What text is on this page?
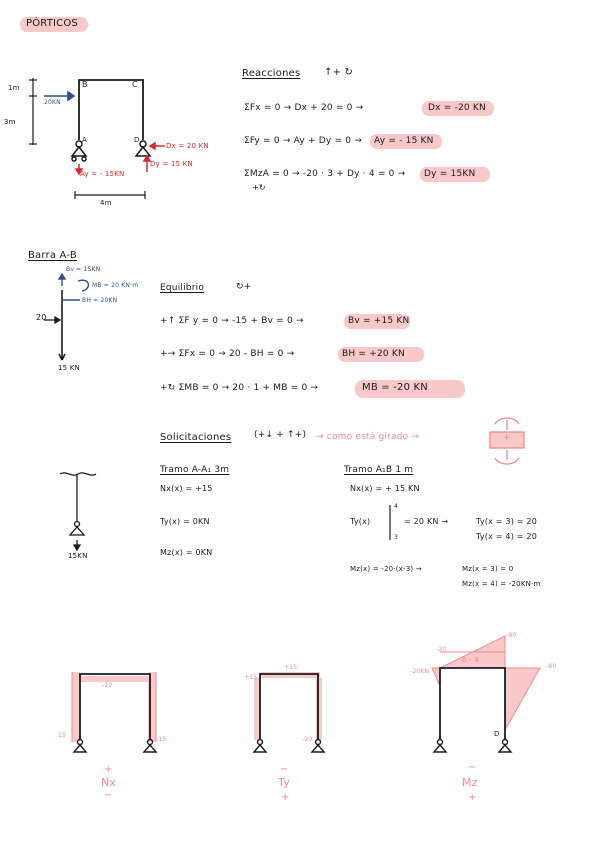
PÓRTICOS
1m
3m
B	C
A	D
20KN
Dx = 20 KN
Dy = 15 KN
Ay = - 15KN
4m
Reacciones ↑+ ↻
ΣFx = 0 → Dx + 20 = 0 →	Dx = -20 KN
ΣFy = 0 → Ay + Dy = 0 → Ay = - 15 KN
ΣMzA = 0 → -20 · 3 + Dy · 4 = 0 → Dy = 15KN
+↻
Barra A-B
Bv = 15KN
MB = 20 KN·m
BH = 20KN
20
15 KN
Equilibrio	↻+
+↑ ΣF y = 0 → -15 + Bv = 0 →	Bv = +15 KN
+→ ΣFx = 0 → 20 - BH = 0 →	BH = +20 KN
+↻ ΣMB = 0 → 20 · 1 + MB = 0 →	MB = -20 KN
Solicitaciones	(+↓ + ↑+) → como está girado →
Tramo A-A₁ 3m
Nx(x) = +15
Ty(x) = 0KN
Mz(x) = 0KN
15KN
Tramo A₁B 1 m
Nx(x) = + 15 KN
Ty(x)
4
3
= 20 KN →	Ty(x = 3) = 20
Ty(x = 4) = 20
Mz(x) = -20·(x-3) →	Mz(x = 3) = 0
Mz(x = 4) = -20KN·m
-20
15
-15
+
Nx
−
+15
+15
-20
−
Ty
+
-20
-80
6 - 4
-20KN
-80
D
−
Mz
+
+
